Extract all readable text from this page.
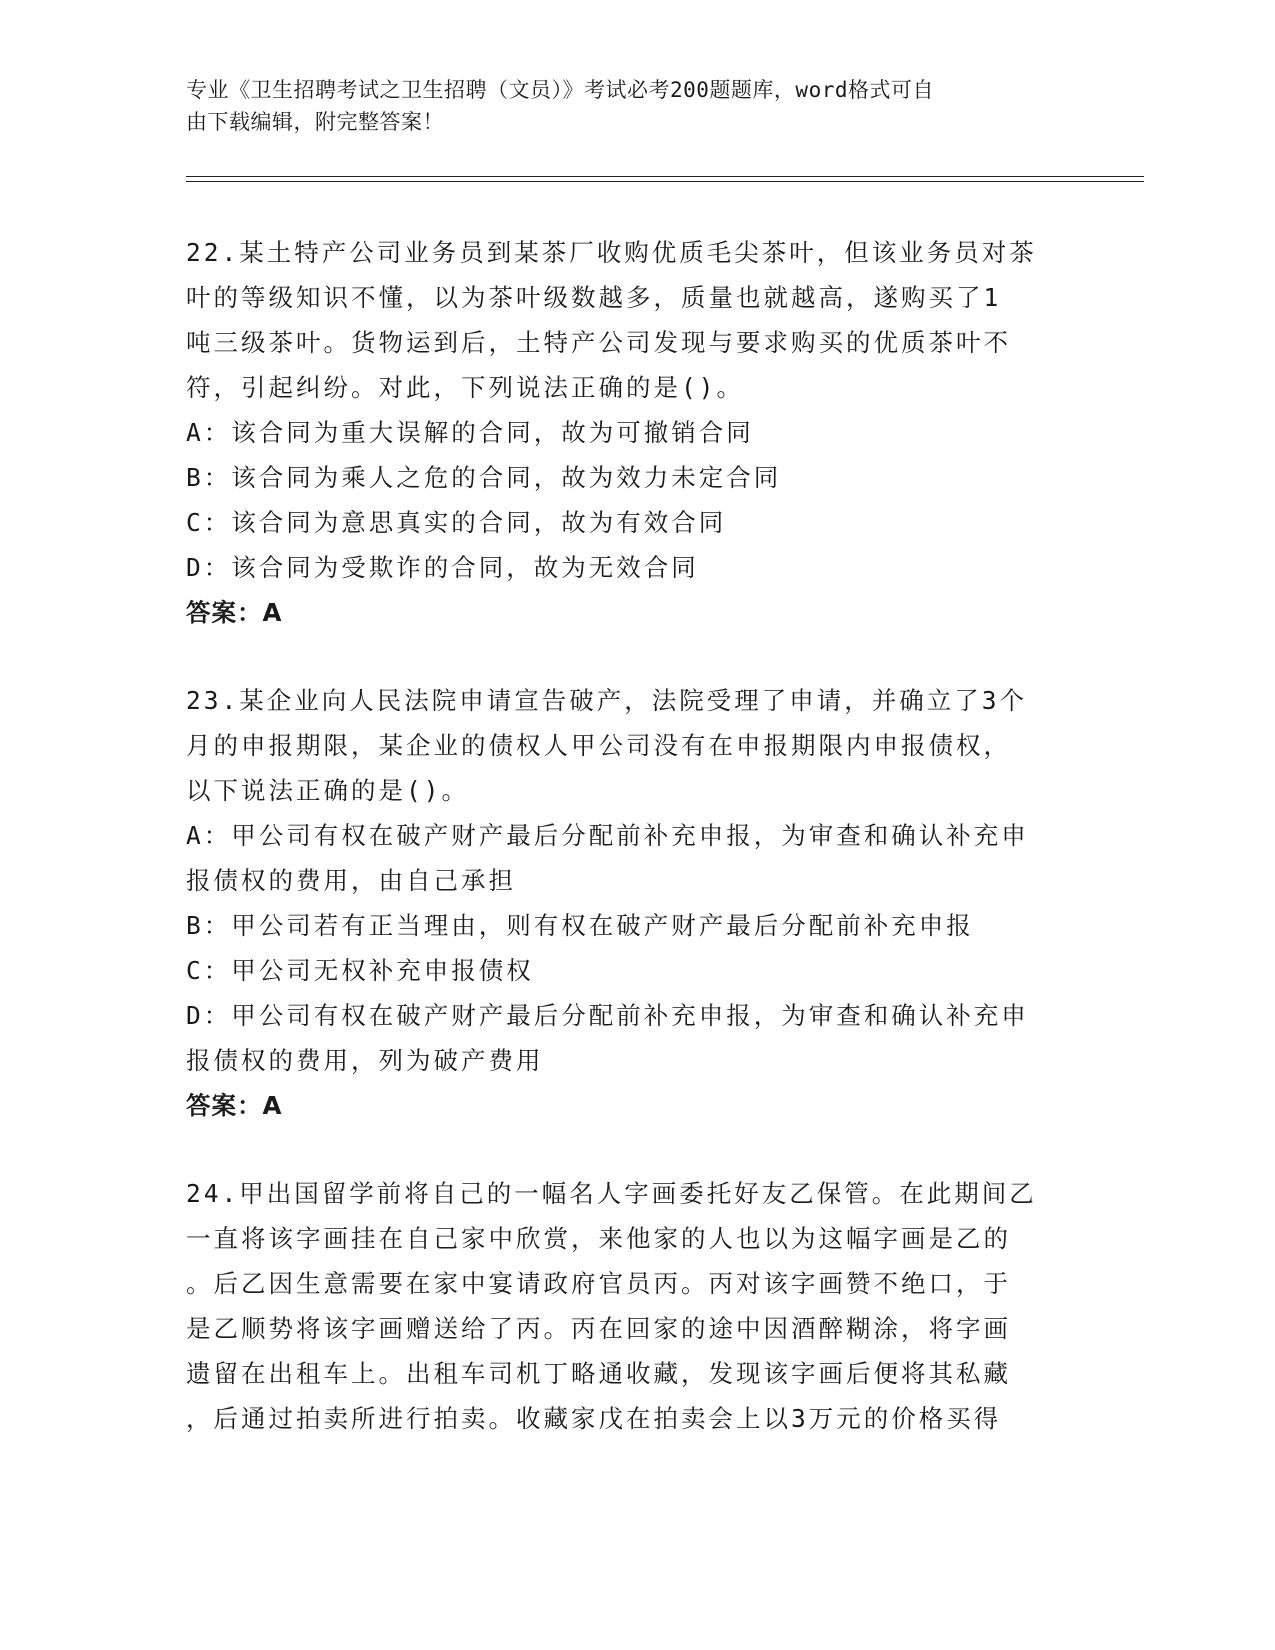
专业《卫生招聘考试之卫生招聘（文员）》考试必考200题题库，word格式可自
由下载编辑，附完整答案！
22.某土特产公司业务员到某茶厂收购优质毛尖茶叶，但该业务员对茶
叶的等级知识不懂，以为茶叶级数越多，质量也就越高，遂购买了1
吨三级茶叶。货物运到后，土特产公司发现与要求购买的优质茶叶不
符，引起纠纷。对此，下列说法正确的是()。
A：该合同为重大误解的合同，故为可撤销合同
B：该合同为乘人之危的合同，故为效力未定合同
C：该合同为意思真实的合同，故为有效合同
D：该合同为受欺诈的合同，故为无效合同
答案：A
23.某企业向人民法院申请宣告破产，法院受理了申请，并确立了3个
月的申报期限，某企业的债权人甲公司没有在申报期限内申报债权，
以下说法正确的是()。
A：甲公司有权在破产财产最后分配前补充申报，为审查和确认补充申
报债权的费用，由自己承担
B：甲公司若有正当理由，则有权在破产财产最后分配前补充申报
C：甲公司无权补充申报债权
D：甲公司有权在破产财产最后分配前补充申报，为审查和确认补充申
报债权的费用，列为破产费用
答案：A
24.甲出国留学前将自己的一幅名人字画委托好友乙保管。在此期间乙
一直将该字画挂在自己家中欣赏，来他家的人也以为这幅字画是乙的
。后乙因生意需要在家中宴请政府官员丙。丙对该字画赞不绝口，于
是乙顺势将该字画赠送给了丙。丙在回家的途中因酒醉糊涂，将字画
遗留在出租车上。出租车司机丁略通收藏，发现该字画后便将其私藏
，后通过拍卖所进行拍卖。收藏家戊在拍卖会上以3万元的价格买得
